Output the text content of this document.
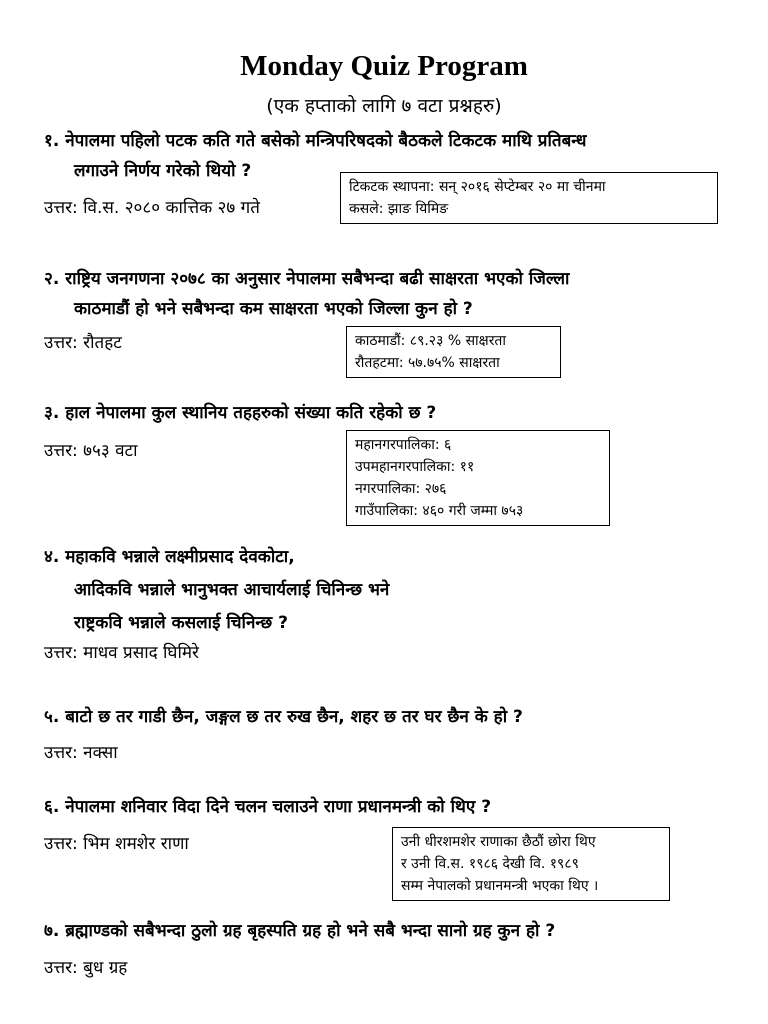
Monday Quiz Program
(एक हप्ताको लागि ७ वटा प्रश्नहरु)
१. नेपालमा पहिलो पटक कति गते बसेको मन्त्रिपरिषदको बैठकले टिकटक माथि प्रतिबन्ध
लगाउने निर्णय गरेको थियो ?
उत्तर: वि.स. २०८० कात्तिक २७ गते
टिकटक स्थापना: सन् २०१६ सेप्टेम्बर २० मा चीनमा
कसले: झाङ यिमिङ
२. राष्ट्रिय जनगणना २०७८ का अनुसार नेपालमा सबैभन्दा बढी साक्षरता भएको जिल्ला
काठमाडौं हो भने सबैभन्दा कम साक्षरता भएको जिल्ला कुन हो ?
उत्तर: रौतहट	काठमाडौं: ८९.२३ % साक्षरता
रौतहटमा: ५७.७५% साक्षरता
३. हाल नेपालमा कुल स्थानिय तहहरुको संख्या कति रहेको छ ?
उत्तर: ७५३ वटा	महानगरपालिका: ६
उपमहानगरपालिका: ११
नगरपालिका: २७६
गाउँपालिका: ४६० गरी जम्मा ७५३
४. महाकवि भन्नाले लक्ष्मीप्रसाद देवकोटा,
आदिकवि भन्नाले भानुभक्त आचार्यलाई चिनिन्छ भने
राष्ट्रकवि भन्नाले कसलाई चिनिन्छ ?
उत्तर: माधव प्रसाद घिमिरे
५. बाटो छ तर गाडी छैन, जङ्गल छ तर रुख छैन, शहर छ तर घर छैन के हो ?
उत्तर: नक्सा
६. नेपालमा शनिवार विदा दिने चलन चलाउने राणा प्रधानमन्त्री को थिए ?
उत्तर: भिम शमशेर राणा	उनी धीरशमशेर राणाका छैठौं छोरा थिए
र उनी वि.स. १९८६ देखी वि. १९८९
सम्म नेपालको प्रधानमन्त्री भएका थिए ।
७. ब्रह्माण्डको सबैभन्दा ठुलो ग्रह बृहस्पति ग्रह हो भने सबै भन्दा सानो ग्रह कुन हो ?
उत्तर: बुध ग्रह
